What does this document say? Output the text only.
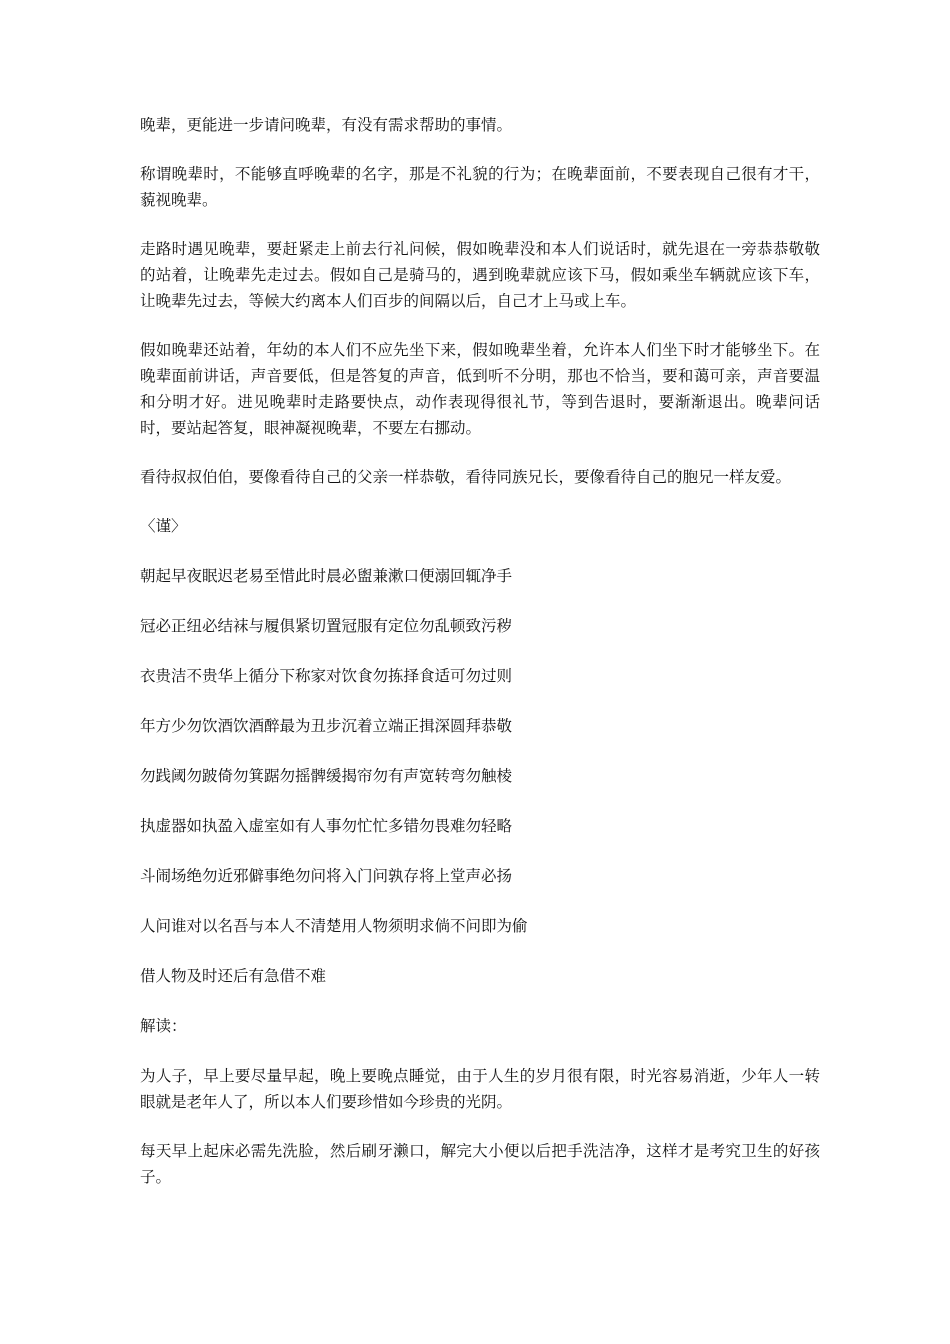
晚辈，更能进一步请问晚辈，有没有需求帮助的事情。

称谓晚辈时，不能够直呼晚辈的名字，那是不礼貌的行为；在晚辈面前，不要表现自己很有才干，藐视晚辈。

走路时遇见晚辈，要赶紧走上前去行礼问候，假如晚辈没和本人们说话时，就先退在一旁恭恭敬敬的站着，让晚辈先走过去。假如自己是骑马的，遇到晚辈就应该下马，假如乘坐车辆就应该下车，让晚辈先过去，等候大约离本人们百步的间隔以后，自己才上马或上车。

假如晚辈还站着，年幼的本人们不应先坐下来，假如晚辈坐着，允许本人们坐下时才能够坐下。在晚辈面前讲话，声音要低，但是答复的声音，低到听不分明，那也不恰当，要和蔼可亲，声音要温和分明才好。进见晚辈时走路要快点，动作表现得很礼节，等到告退时，要渐渐退出。晚辈问话时，要站起答复，眼神凝视晚辈，不要左右挪动。

看待叔叔伯伯，要像看待自己的父亲一样恭敬，看待同族兄长，要像看待自己的胞兄一样友爱。

〈谨〉

朝起早夜眠迟老易至惜此时晨必盥兼漱口便溺回辄净手

冠必正纽必结袜与履俱紧切置冠服有定位勿乱顿致污秽

衣贵洁不贵华上循分下称家对饮食勿拣择食适可勿过则

年方少勿饮酒饮酒醉最为丑步沉着立端正揖深圆拜恭敬

勿践阈勿跛倚勿箕踞勿摇髀缓揭帘勿有声宽转弯勿触棱

执虚器如执盈入虚室如有人事勿忙忙多错勿畏难勿轻略

斗闹场绝勿近邪僻事绝勿问将入门问孰存将上堂声必扬

人问谁对以名吾与本人不清楚用人物须明求倘不问即为偷

借人物及时还后有急借不难

解读：

为人子，早上要尽量早起，晚上要晚点睡觉，由于人生的岁月很有限，时光容易消逝，少年人一转眼就是老年人了，所以本人们要珍惜如今珍贵的光阴。

每天早上起床必需先洗脸，然后刷牙濑口，解完大小便以后把手洗洁净，这样才是考究卫生的好孩子。
